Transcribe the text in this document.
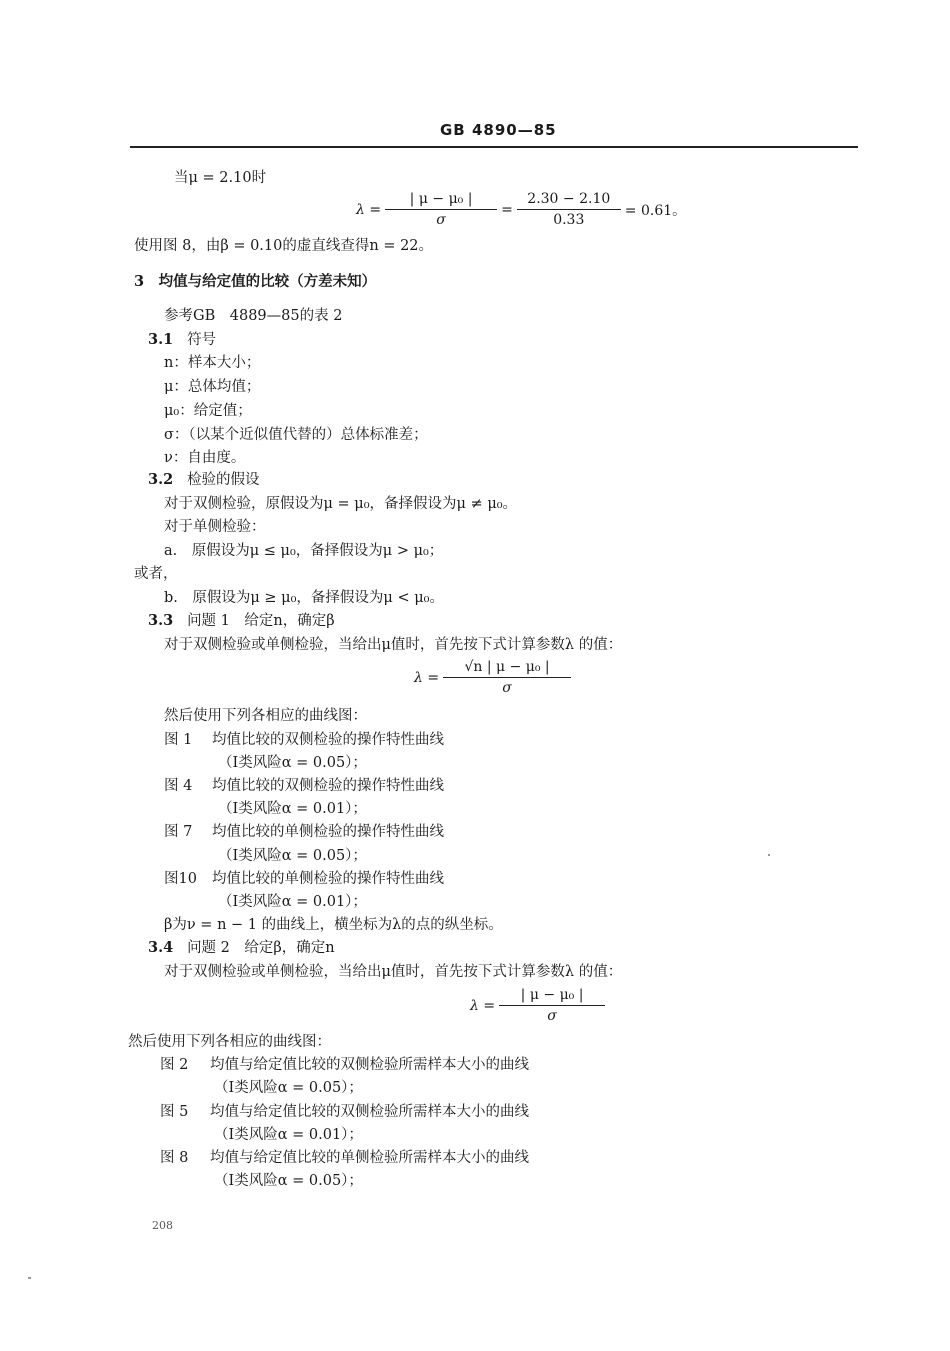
GB 4890—85
当μ = 2.10时
$\lambda = \frac{\text{| μ − μ₀ |}}{\sigma} = \frac{2.30 - 2.10}{0.33} = 0.61$。
使用图 8，由β = 0.10的虚直线查得n = 22。
3　均值与给定值的比较（方差未知）
参考GB　4889—85的表 2
3.1 符号
n：样本大小；
μ：总体均值；
μ₀：给定值；
σ：（以某个近似值代替的）总体标准差；
ν：自由度。
3.2 检验的假设
对于双侧检验，原假设为μ = μ₀，备择假设为μ ≠ μ₀。
对于单侧检验：
a.　原假设为μ ≤ μ₀，备择假设为μ > μ₀；
或者，
b.　原假设为μ ≥ μ₀，备择假设为μ < μ₀。
3.3 问题 1　给定n，确定β
对于双侧检验或单侧检验，当给出μ值时，首先按下式计算参数λ 的值：
$\lambda = \frac{\text{√n | μ − μ₀ |}}{\sigma}$
然后使用下列各相应的曲线图：
图 1 均值比较的双侧检验的操作特性曲线
（Ⅰ类风险α = 0.05）；
图 4 均值比较的双侧检验的操作特性曲线
（Ⅰ类风险α = 0.01）；
图 7 均值比较的单侧检验的操作特性曲线
（Ⅰ类风险α = 0.05）；
图10 均值比较的单侧检验的操作特性曲线
（Ⅰ类风险α = 0.01）；
β为ν = n − 1 的曲线上，横坐标为λ的点的纵坐标。
3.4 问题 2　给定β，确定n
对于双侧检验或单侧检验，当给出μ值时，首先按下式计算参数λ 的值：
$\lambda = \frac{\text{| μ − μ₀ |}}{\sigma}$
然后使用下列各相应的曲线图：
图 2 均值与给定值比较的双侧检验所需样本大小的曲线
（Ⅰ类风险α = 0.05）；
图 5 均值与给定值比较的双侧检验所需样本大小的曲线
（Ⅰ类风险α = 0.01）；
图 8 均值与给定值比较的单侧检验所需样本大小的曲线
（Ⅰ类风险α = 0.05）；
208
